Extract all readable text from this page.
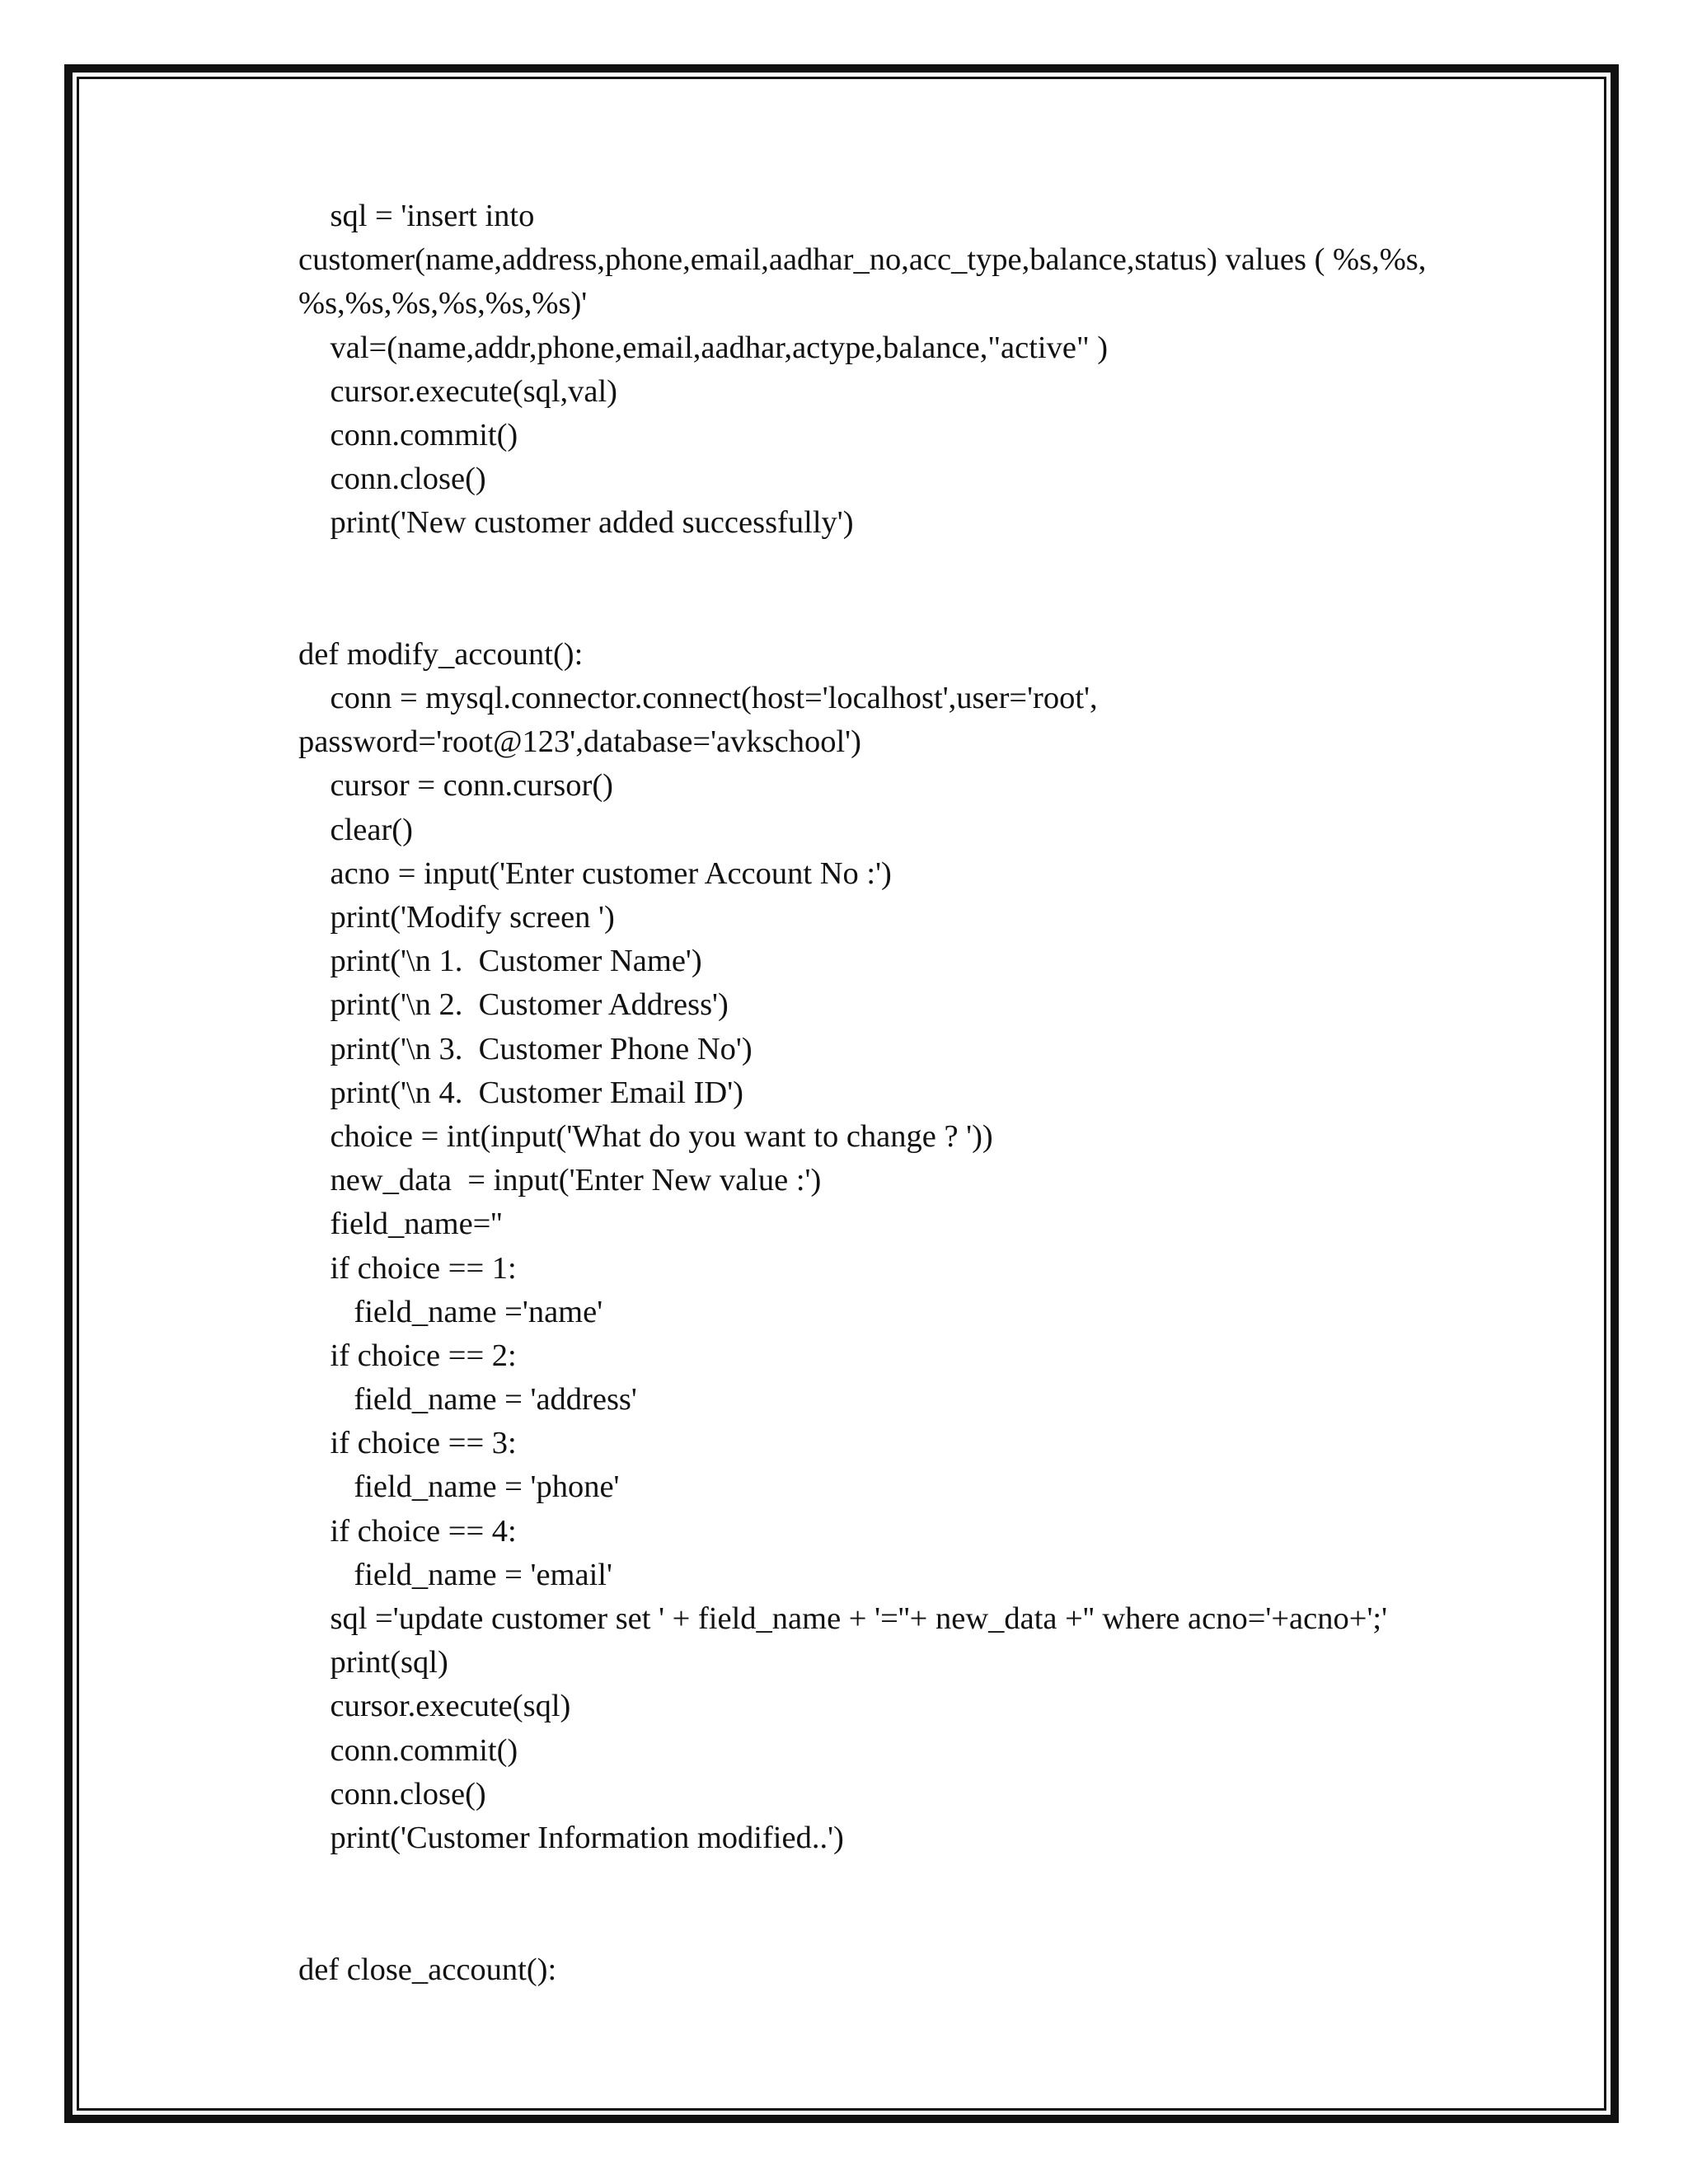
sql = 'insert into
customer(name,address,phone,email,aadhar_no,acc_type,balance,status) values ( %s,%s,
%s,%s,%s,%s,%s,%s)'
val=(name,addr,phone,email,aadhar,actype,balance,"active" )
cursor.execute(sql,val)
conn.commit()
conn.close()
print('New customer added successfully')
def modify_account():
conn = mysql.connector.connect(host='localhost',user='root',
password='root@123',database='avkschool')
cursor = conn.cursor()
clear()
acno = input('Enter customer Account No :')
print('Modify screen ')
print('\n 1.  Customer Name')
print('\n 2.  Customer Address')
print('\n 3.  Customer Phone No')
print('\n 4.  Customer Email ID')
choice = int(input('What do you want to change ? '))
new_data  = input('Enter New value :')
field_name=''
if choice == 1:
field_name ='name'
if choice == 2:
field_name = 'address'
if choice == 3:
field_name = 'phone'
if choice == 4:
field_name = 'email'
sql ='update customer set ' + field_name + '=''+ new_data +'' where acno='+acno+';'
print(sql)
cursor.execute(sql)
conn.commit()
conn.close()
print('Customer Information modified..')
def close_account():
